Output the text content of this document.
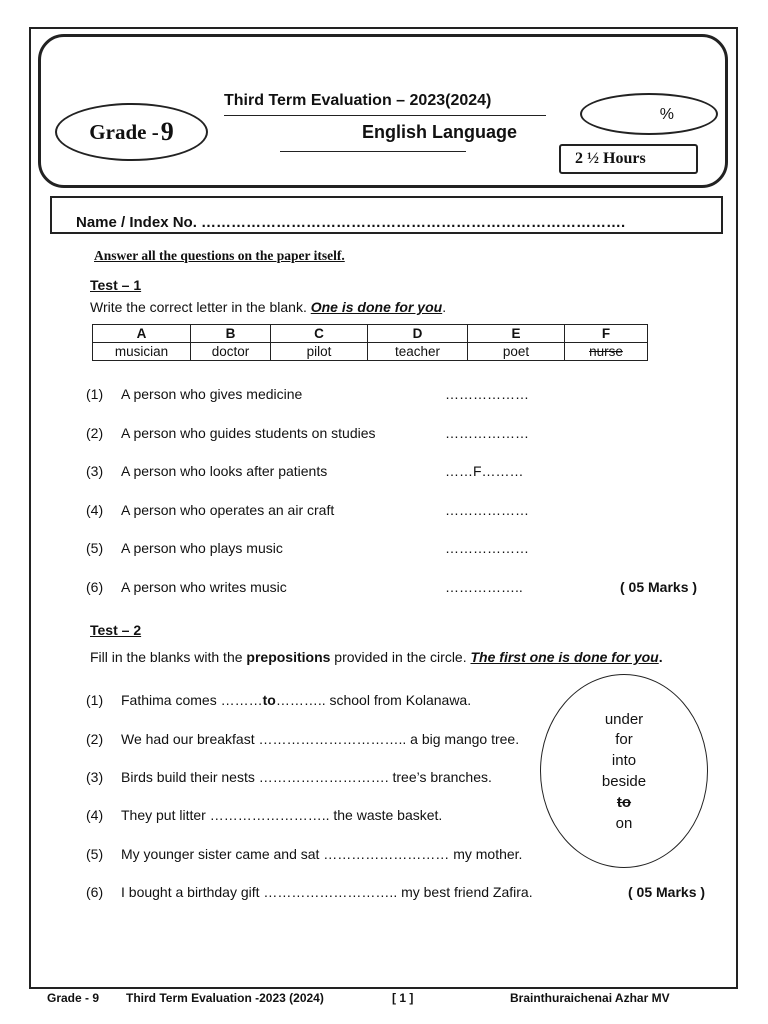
Grade - 9
Third Term Evaluation – 2023(2024)
English Language
%
2 ½ Hours
Name / Index No. ………………………………………………………………………….
Answer all the questions on the paper itself.
Test – 1
Write the correct letter in the blank. One is done for you.
A	B	C	D	E	F
musician	doctor	pilot	teacher	poet	nurse
(1) A person who gives medicine	………………
(2) A person who guides students on studies	………………
(3) A person who looks after patients	……F………
(4) A person who operates an air craft	………………
(5) A person who plays music	………………
(6) A person who writes music	……………..	( 05 Marks )
Test – 2
Fill in the blanks with the prepositions provided in the circle. The first one is done for you.
(1) Fathima comes ………to……….. school from Kolanawa.
(2) We had our breakfast ………………………….. a big mango tree.
(3) Birds build their nests ………………………. tree’s branches.
(4) They put litter …………………….. the waste basket.
(5) My younger sister came and sat ……………………… my mother.
(6) I bought a birthday gift ……………………….. my best friend Zafira.	( 05 Marks )
under
for
into
beside
to
on
Grade - 9 Third Term Evaluation -2023 (2024)	[ 1 ]	Brainthuraichenai Azhar MV
